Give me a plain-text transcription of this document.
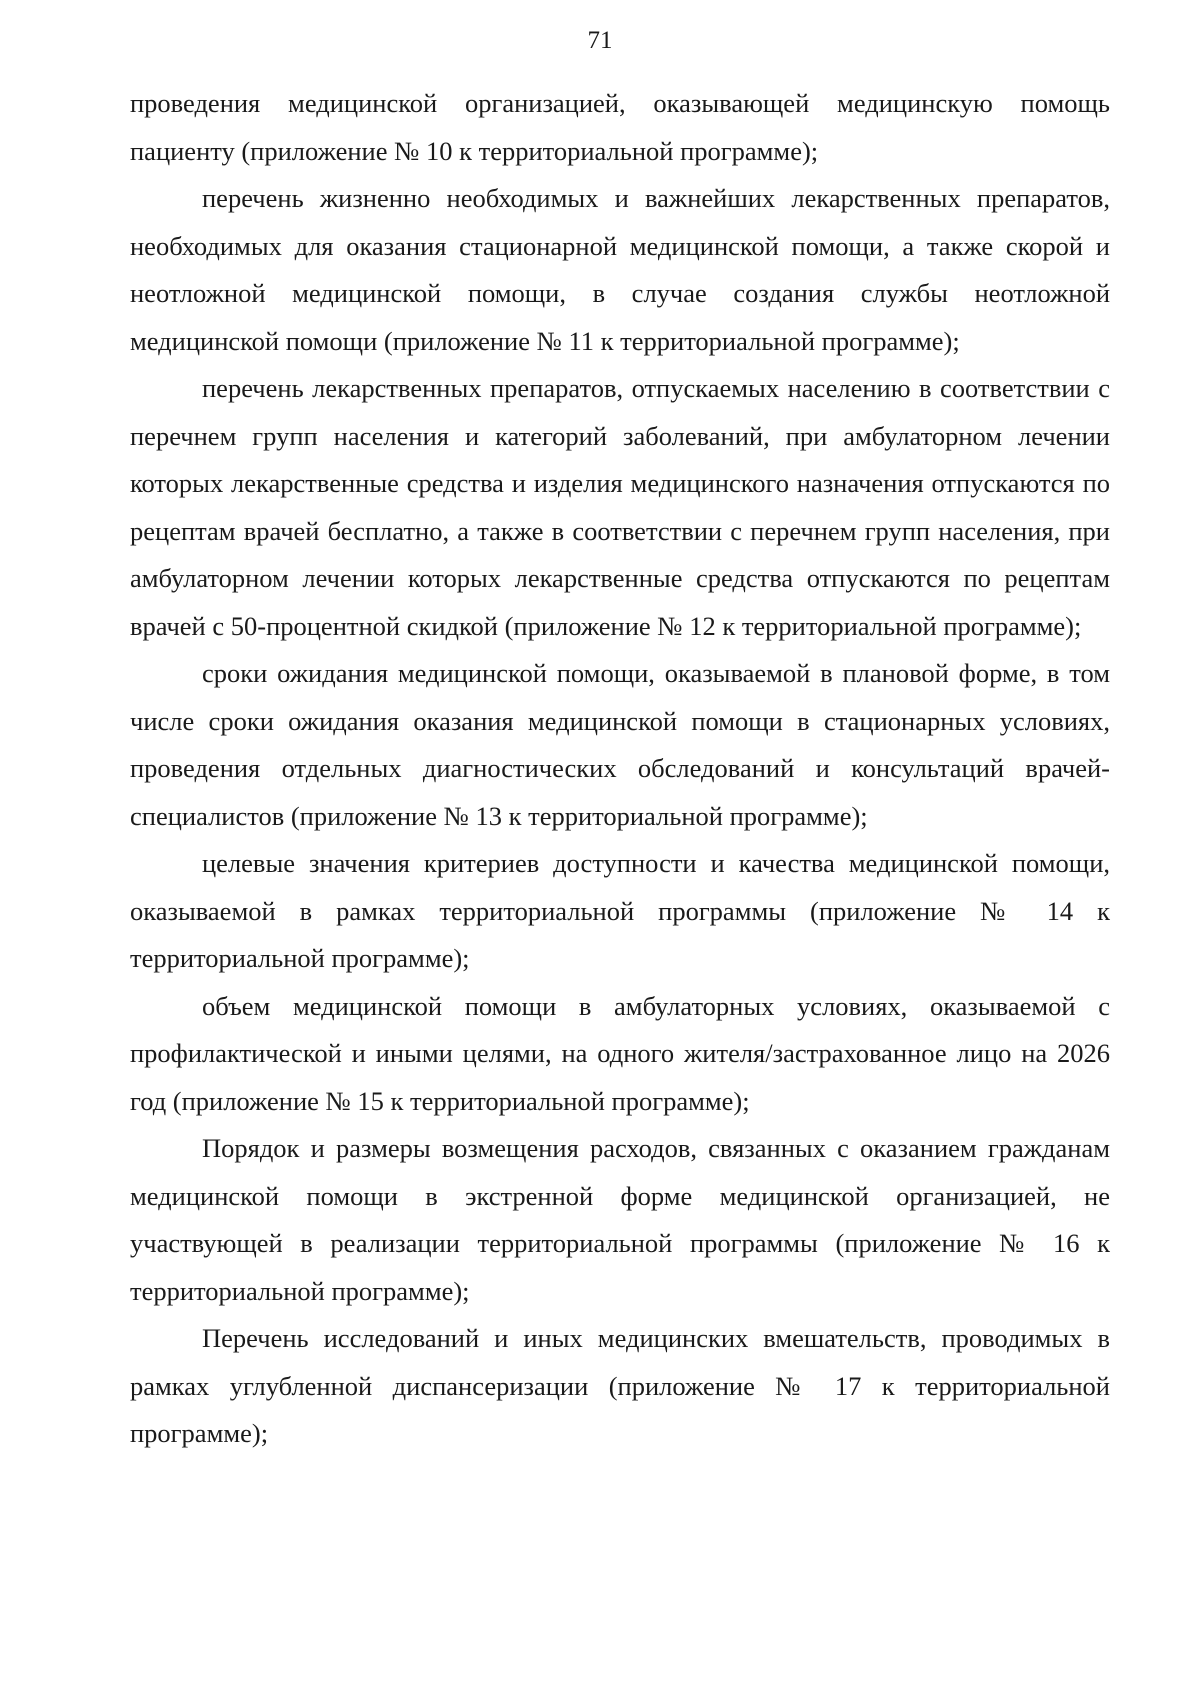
71

проведения медицинской организацией, оказывающей медицинскую помощь пациенту (приложение № 10 к территориальной программе);

перечень жизненно необходимых и важнейших лекарственных препаратов, необходимых для оказания стационарной медицинской помощи, а также скорой и неотложной медицинской помощи, в случае создания службы неотложной медицинской помощи (приложение № 11 к территориальной программе);

перечень лекарственных препаратов, отпускаемых населению в соответствии с перечнем групп населения и категорий заболеваний, при амбулаторном лечении которых лекарственные средства и изделия медицинского назначения отпускаются по рецептам врачей бесплатно, а также в соответствии с перечнем групп населения, при амбулаторном лечении которых лекарственные средства отпускаются по рецептам врачей с 50-процентной скидкой (приложение № 12 к территориальной программе);

сроки ожидания медицинской помощи, оказываемой в плановой форме, в том числе сроки ожидания оказания медицинской помощи в стационарных условиях, проведения отдельных диагностических обследований и консультаций врачей-специалистов (приложение № 13 к территориальной программе);

целевые значения критериев доступности и качества медицинской помощи, оказываемой в рамках территориальной программы (приложение № 14 к территориальной программе);

объем медицинской помощи в амбулаторных условиях, оказываемой с профилактической и иными целями, на одного жителя/застрахованное лицо на 2026 год (приложение № 15 к территориальной программе);

Порядок и размеры возмещения расходов, связанных с оказанием гражданам медицинской помощи в экстренной форме медицинской организацией, не участвующей в реализации территориальной программы (приложение № 16 к территориальной программе);

Перечень исследований и иных медицинских вмешательств, проводимых в рамках углубленной диспансеризации (приложение № 17 к территориальной программе);
